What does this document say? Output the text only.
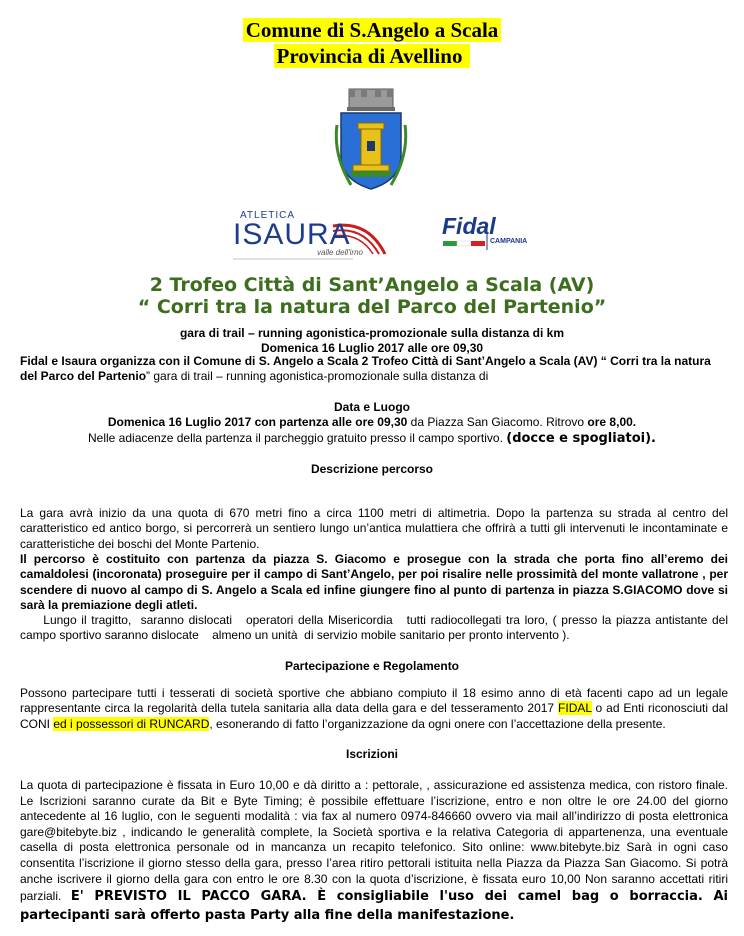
Comune di S.Angelo a Scala
Provincia di Avellino
ATLETICA
ISAURA
valle dell'irno
Fidal
CAMPANIA
2 Trofeo Città di Sant’Angelo a Scala (AV)
“ Corri tra la natura del Parco del Partenio”
gara di trail – running agonistica-promozionale sulla distanza di km
Domenica 16 Luglio 2017 alle ore 09,30
Fidal e Isaura organizza con il Comune di S. Angelo a Scala 2 Trofeo Città di Sant’Angelo a Scala (AV) “ Corri tra la natura del Parco del Partenio” gara di trail – running agonistica-promozionale sulla distanza di
Data e Luogo
Domenica 16 Luglio 2017 con partenza alle ore 09,30 da Piazza San Giacomo. Ritrovo ore 8,00.
Nelle adiacenze della partenza il parcheggio gratuito presso il campo sportivo. (docce e spogliatoi).
Descrizione percorso
La gara avrà inizio da una quota di 670 metri fino a circa 1100 metri di altimetria. Dopo la partenza su strada al centro del caratteristico ed antico borgo, si percorrerà un sentiero lungo un’antica mulattiera che offrirà a tutti gli intervenuti le incontaminate e caratteristiche dei boschi del Monte Partenio.
Il percorso è costituito con partenza da piazza S. Giacomo e prosegue con la strada che porta fino all’eremo dei camaldolesi (incoronata) proseguire per il campo di Sant’Angelo, per poi risalire nelle prossimità del monte vallatrone , per scendere di nuovo al campo di S. Angelo a Scala ed infine giungere fino al punto di partenza in piazza S.GIACOMO dove si sarà la premiazione degli atleti.
Lungo il tragitto,  saranno dislocati   operatori della Misericordia   tutti radiocollegati tra loro, ( presso la piazza antistante del campo sportivo saranno dislocate    almeno un unità  di servizio mobile sanitario per pronto intervento ).
Partecipazione e Regolamento
Possono partecipare tutti i tesserati di società sportive che abbiano compiuto il 18 esimo anno di età facenti capo ad un legale rappresentante circa la regolarità della tutela sanitaria alla data della gara e del tesseramento 2017 FIDAL o ad Enti riconosciuti dal CONI ed i possessori di RUNCARD, esonerando di fatto l’organizzazione da ogni onere con l’accettazione della presente.
Iscrizioni
La quota di partecipazione è fissata in Euro 10,00 e dà diritto a : pettorale, , assicurazione ed assistenza medica, con ristoro finale. Le Iscrizioni saranno curate da Bit e Byte Timing; è possibile effettuare l’iscrizione, entro e non oltre le ore 24.00 del giorno antecedente al 16 luglio, con le seguenti modalità : via fax al numero 0974-846660 ovvero via mail all’indirizzo di posta elettronica gare@bitebyte.biz , indicando le generalità complete, la Società sportiva e la relativa Categoria di appartenenza, una eventuale casella di posta elettronica personale od in mancanza un recapito telefonico. Sito online: www.bitebyte.biz Sarà in ogni caso consentita l’iscrizione il giorno stesso della gara, presso l’area ritiro pettorali istituita nella Piazza da Piazza San Giacomo. Si potrà anche iscrivere il giorno della gara con entro le ore 8.30 con la quota d’iscrizione, è fissata euro 10,00 Non saranno accettati ritiri parziali. E' PREVISTO IL PACCO GARA. È consigliabile l'uso dei camel bag o borraccia. Ai partecipanti sarà offerto pasta Party alla fine della manifestazione.
